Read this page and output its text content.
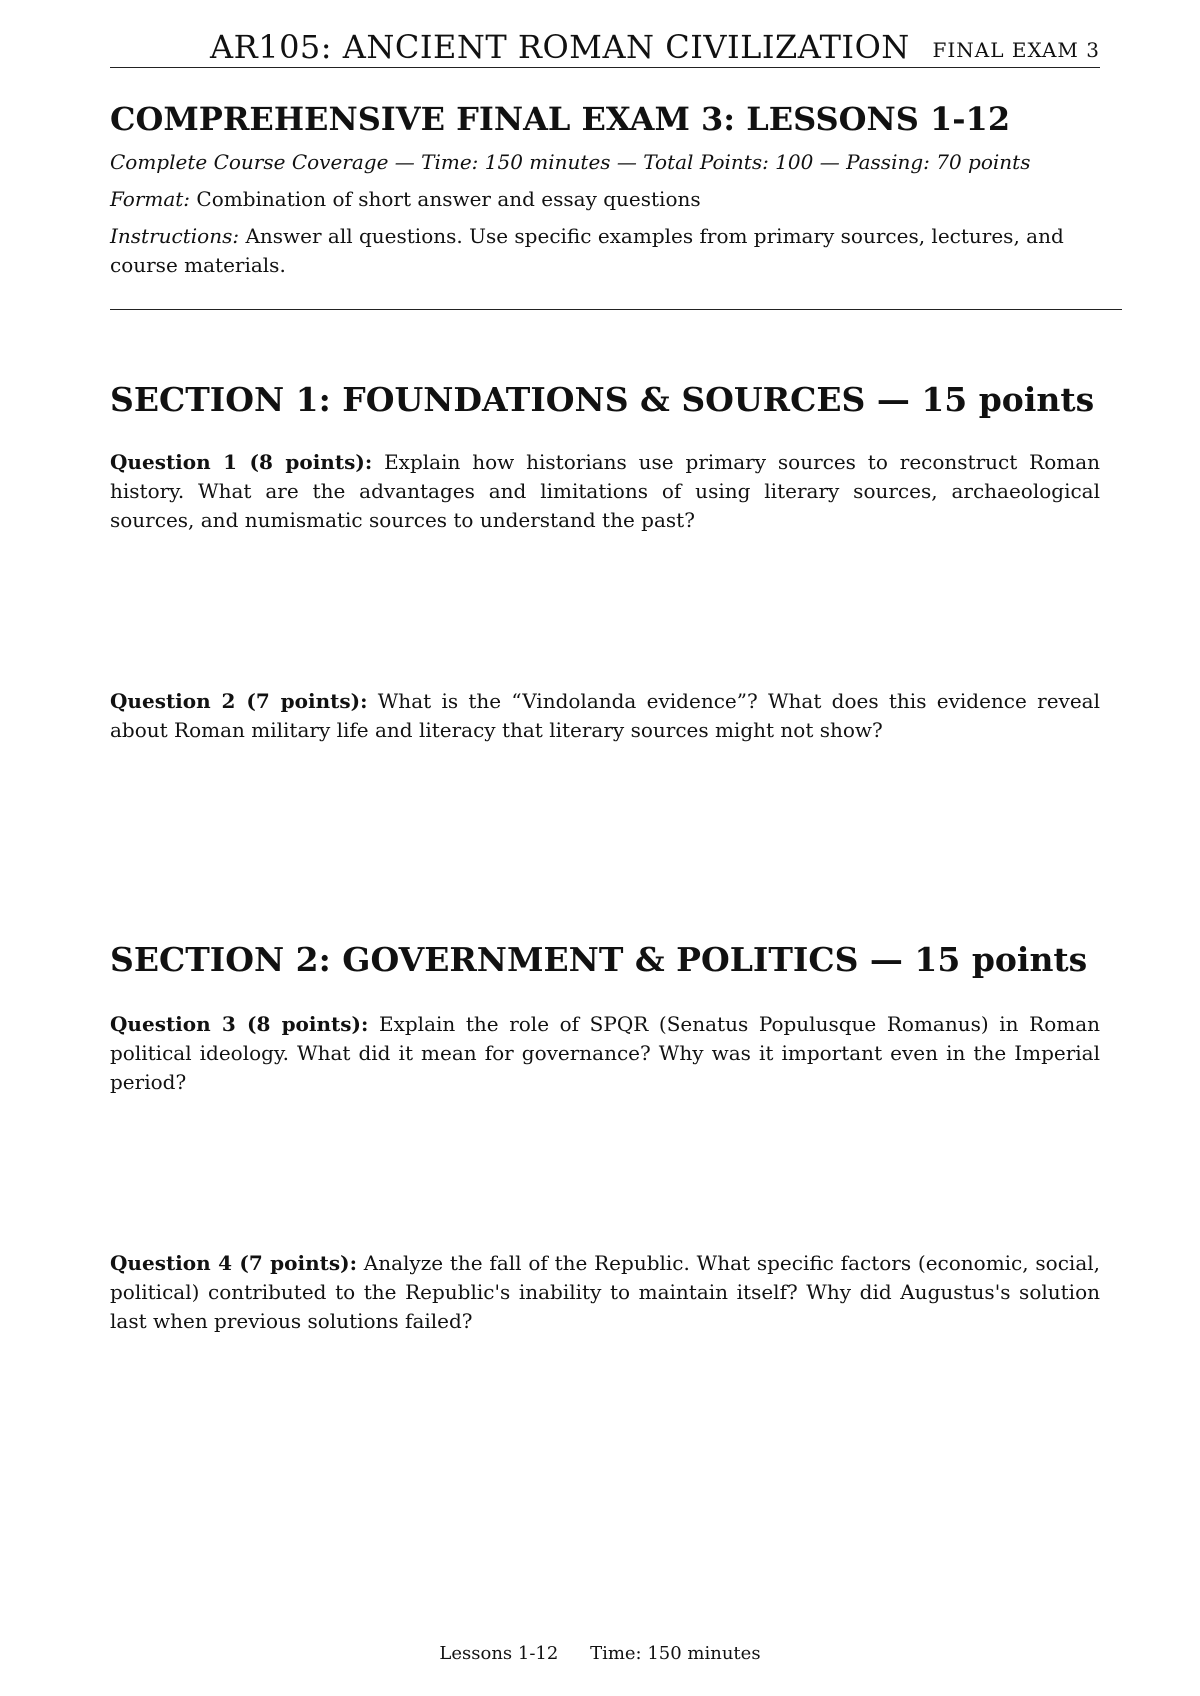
AR105: ANCIENT ROMAN CIVILIZATION FINAL EXAM 3
COMPREHENSIVE FINAL EXAM 3: LESSONS 1-12
Complete Course Coverage — Time: 150 minutes — Total Points: 100 — Passing: 70 points
Format: Combination of short answer and essay questions
Instructions: Answer all questions. Use specific examples from primary sources, lectures, and course materials.
SECTION 1: FOUNDATIONS & SOURCES — 15 points
Question 1 (8 points): Explain how historians use primary sources to reconstruct Roman history. What are the advantages and limitations of using literary sources, archaeological sources, and numismatic sources to understand the past?
Question 2 (7 points): What is the “Vindolanda evidence”? What does this evidence reveal about Roman military life and literacy that literary sources might not show?
SECTION 2: GOVERNMENT & POLITICS — 15 points
Question 3 (8 points): Explain the role of SPQR (Senatus Populusque Romanus) in Roman political ideology. What did it mean for governance? Why was it important even in the Imperial period?
Question 4 (7 points): Analyze the fall of the Republic. What specific factors (economic, social, political) contributed to the Republic's inability to maintain itself? Why did Augustus's solution last when previous solutions failed?
Lessons 1-12 Time: 150 minutes
